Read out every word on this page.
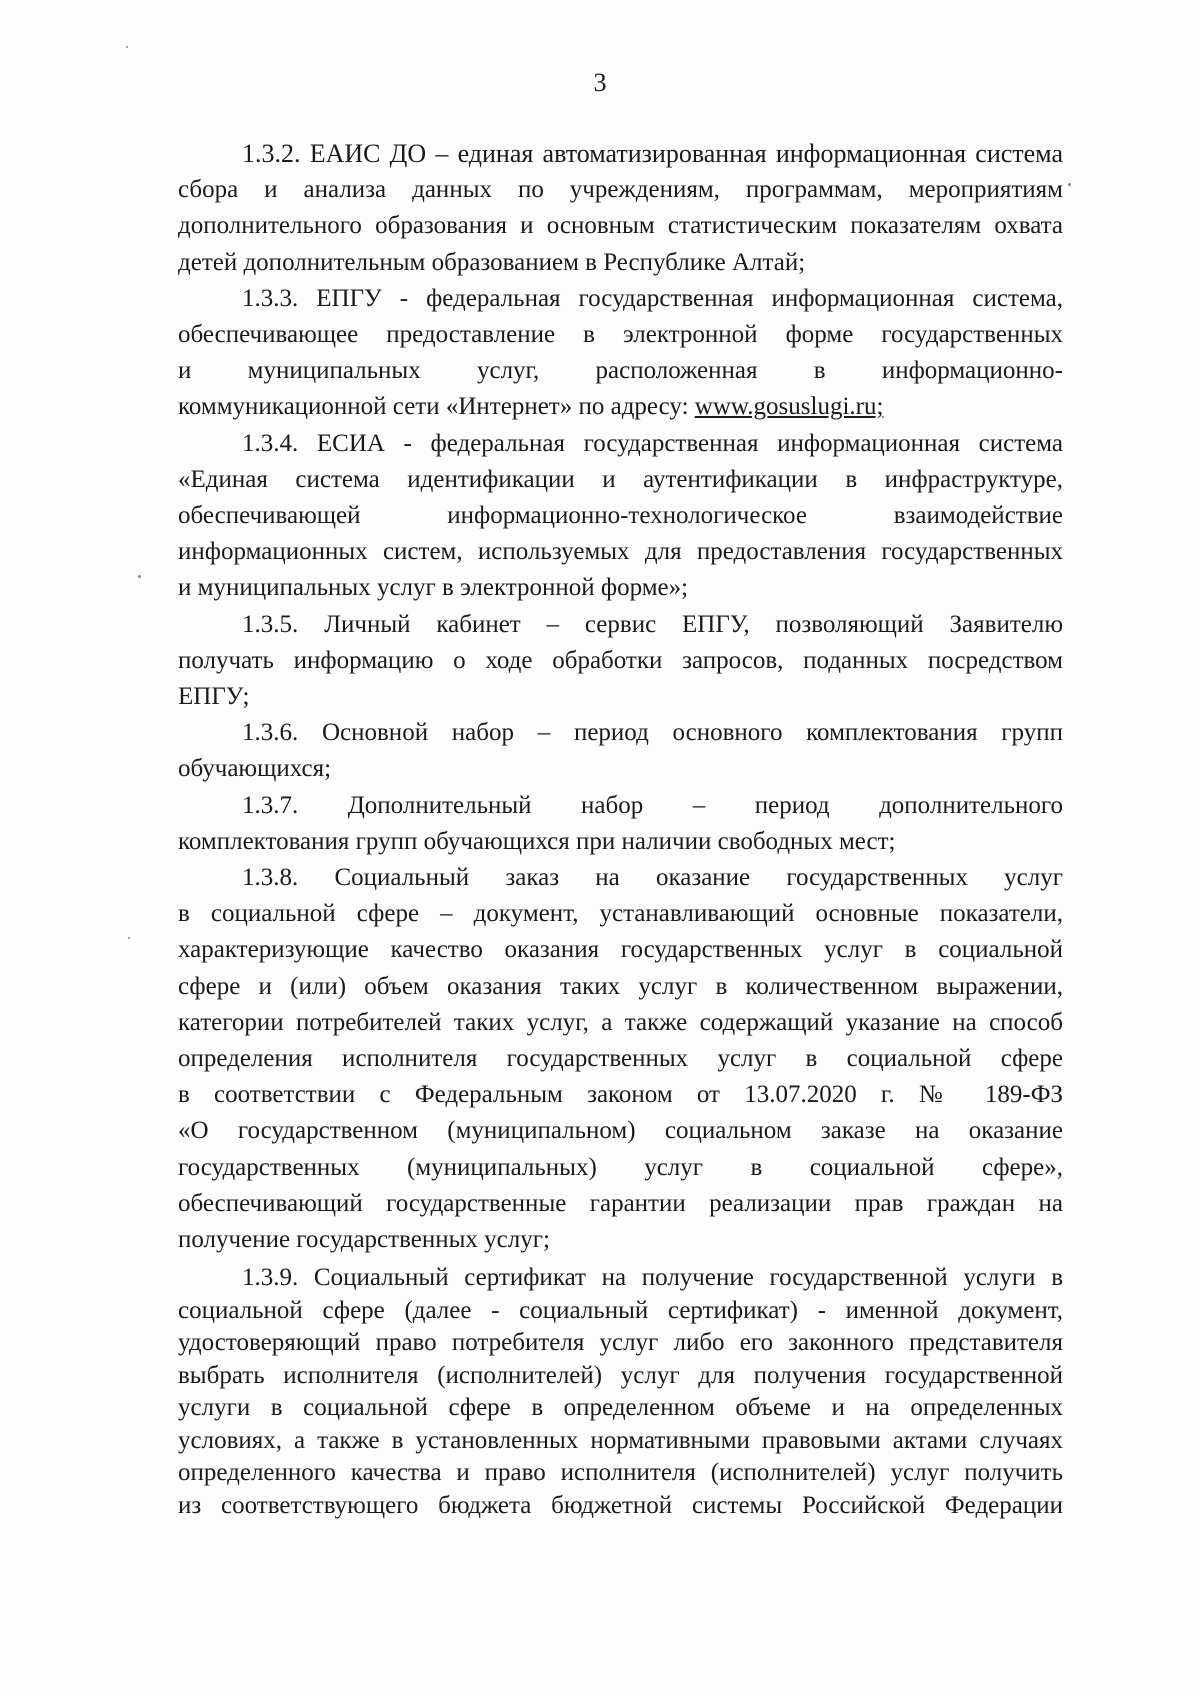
3
1.3.2. ЕАИС ДО – единая автоматизированная информационная система
сбора и анализа данных по учреждениям, программам, мероприятиям
дополнительного образования и основным статистическим показателям охвата
детей дополнительным образованием в Республике Алтай;
1.3.3. ЕПГУ - федеральная государственная информационная система,
обеспечивающее предоставление в электронной форме государственных
и муниципальных услуг, расположенная в информационно-
коммуникационной сети «Интернет» по адресу: www.gosuslugi.ru;
1.3.4. ЕСИА - федеральная государственная информационная система
«Единая система идентификации и аутентификации в инфраструктуре,
обеспечивающей информационно-технологическое взаимодействие
информационных систем, используемых для предоставления государственных
и муниципальных услуг в электронной форме»;
1.3.5. Личный кабинет – сервис ЕПГУ, позволяющий Заявителю
получать информацию о ходе обработки запросов, поданных посредством
ЕПГУ;
1.3.6. Основной набор – период основного комплектования групп
обучающихся;
1.3.7. Дополнительный набор – период дополнительного
комплектования групп обучающихся при наличии свободных мест;
1.3.8. Социальный заказ на оказание государственных услуг
в социальной сфере – документ, устанавливающий основные показатели,
характеризующие качество оказания государственных услуг в социальной
сфере и (или) объем оказания таких услуг в количественном выражении,
категории потребителей таких услуг, а также содержащий указание на способ
определения исполнителя государственных услуг в социальной сфере
в соответствии с Федеральным законом от 13.07.2020 г. № 189-ФЗ
«О государственном (муниципальном) социальном заказе на оказание
государственных (муниципальных) услуг в социальной сфере»,
обеспечивающий государственные гарантии реализации прав граждан на
получение государственных услуг;
1.3.9. Социальный сертификат на получение государственной услуги в
социальной сфере (далее - социальный сертификат) - именной документ,
удостоверяющий право потребителя услуг либо его законного представителя
выбрать исполнителя (исполнителей) услуг для получения государственной
услуги в социальной сфере в определенном объеме и на определенных
условиях, а также в установленных нормативными правовыми актами случаях
определенного качества и право исполнителя (исполнителей) услуг получить
из соответствующего бюджета бюджетной системы Российской Федерации
